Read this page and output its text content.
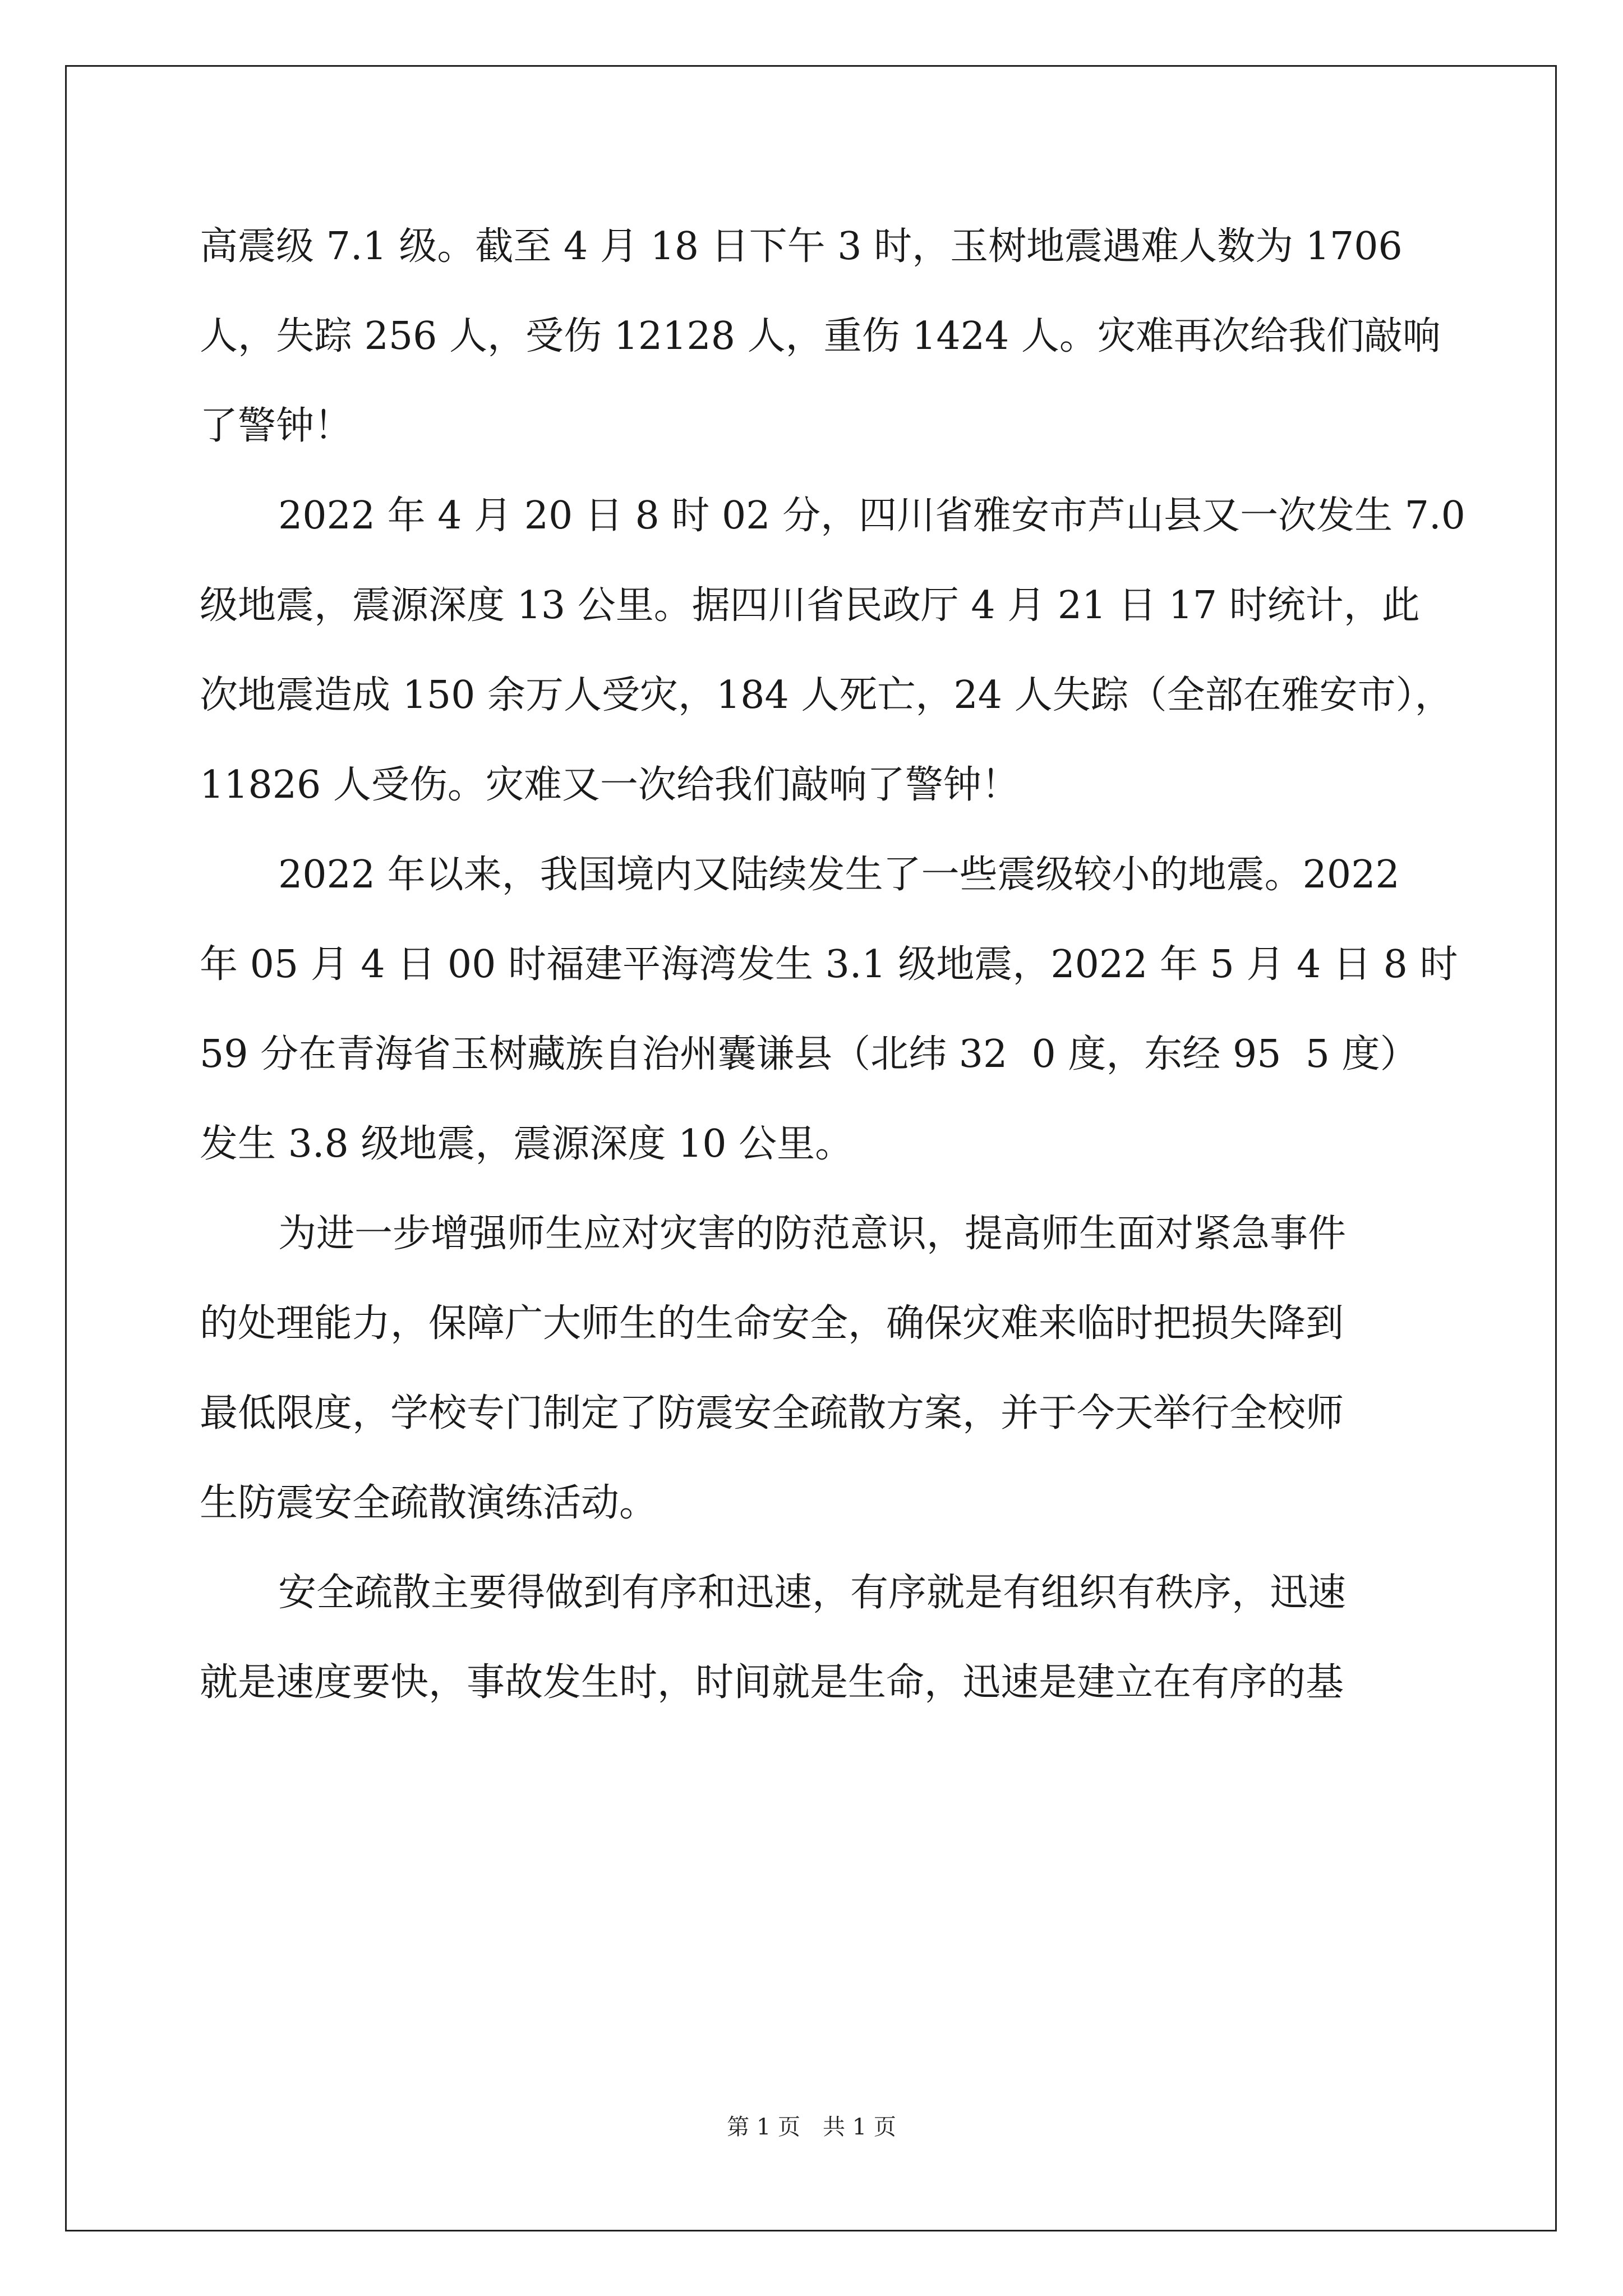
高震级 7.1 级。截至 4 月 18 日下午 3 时，玉树地震遇难人数为 1706
人，失踪 256 人，受伤 12128 人，重伤 1424 人。灾难再次给我们敲响
了警钟！
2022 年 4 月 20 日 8 时 02 分，四川省雅安市芦山县又一次发生 7.0
级地震，震源深度 13 公里。据四川省民政厅 4 月 21 日 17 时统计，此
次地震造成 150 余万人受灾，184 人死亡，24 人失踪（全部在雅安市），
11826 人受伤。灾难又一次给我们敲响了警钟！
2022 年以来，我国境内又陆续发生了一些震级较小的地震。2022
年 05 月 4 日 00 时福建平海湾发生 3.1 级地震，2022 年 5 月 4 日 8 时
59 分在青海省玉树藏族自治州囊谦县（北纬 32  0 度，东经 95  5 度）
发生 3.8 级地震，震源深度 10 公里。
为进一步增强师生应对灾害的防范意识，提高师生面对紧急事件
的处理能力，保障广大师生的生命安全，确保灾难来临时把损失降到
最低限度，学校专门制定了防震安全疏散方案，并于今天举行全校师
生防震安全疏散演练活动。
安全疏散主要得做到有序和迅速，有序就是有组织有秩序，迅速
就是速度要快，事故发生时，时间就是生命，迅速是建立在有序的基
第 1 页　共 1 页
